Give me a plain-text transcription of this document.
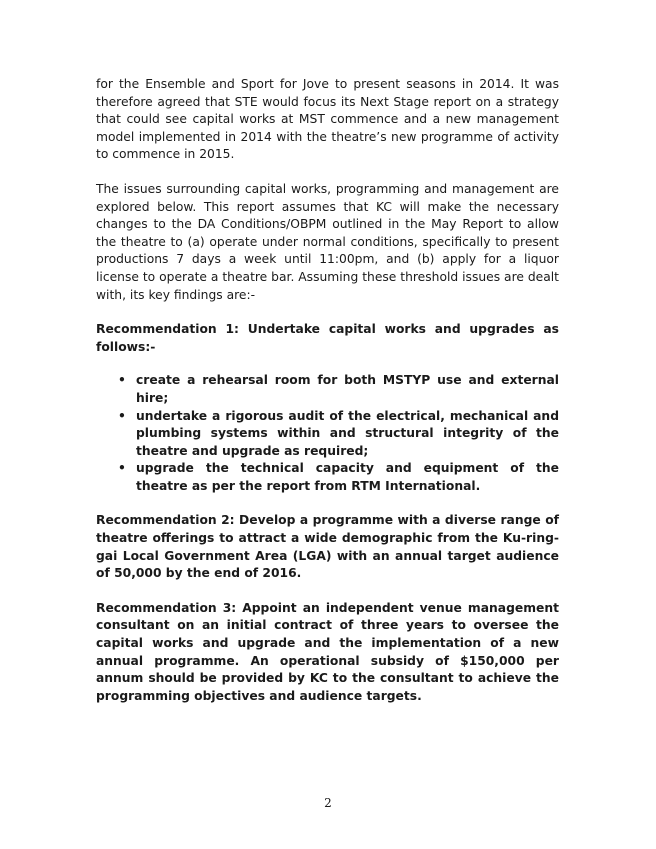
for the Ensemble and Sport for Jove to present seasons in 2014. It was therefore agreed that STE would focus its Next Stage report on a strategy that could see capital works at MST commence and a new management model implemented in 2014 with the theatre’s new programme of activity to commence in 2015.

The issues surrounding capital works, programming and management are explored below. This report assumes that KC will make the necessary changes to the DA Conditions/OBPM outlined in the May Report to allow the theatre to (a) operate under normal conditions, specifically to present productions 7 days a week until 11:00pm, and (b) apply for a liquor license to operate a theatre bar. Assuming these threshold issues are dealt with, its key findings are:-

Recommendation 1: Undertake capital works and upgrades as follows:-

• create a rehearsal room for both MSTYP use and external hire;
• undertake a rigorous audit of the electrical, mechanical and plumbing systems within and structural integrity of the theatre and upgrade as required;
• upgrade the technical capacity and equipment of the theatre as per the report from RTM International.

Recommendation 2: Develop a programme with a diverse range of theatre offerings to attract a wide demographic from the Ku-ring-gai Local Government Area (LGA) with an annual target audience of 50,000 by the end of 2016.

Recommendation 3: Appoint an independent venue management consultant on an initial contract of three years to oversee the capital works and upgrade and the implementation of a new annual programme. An operational subsidy of $150,000 per annum should be provided by KC to the consultant to achieve the programming objectives and audience targets.

2
